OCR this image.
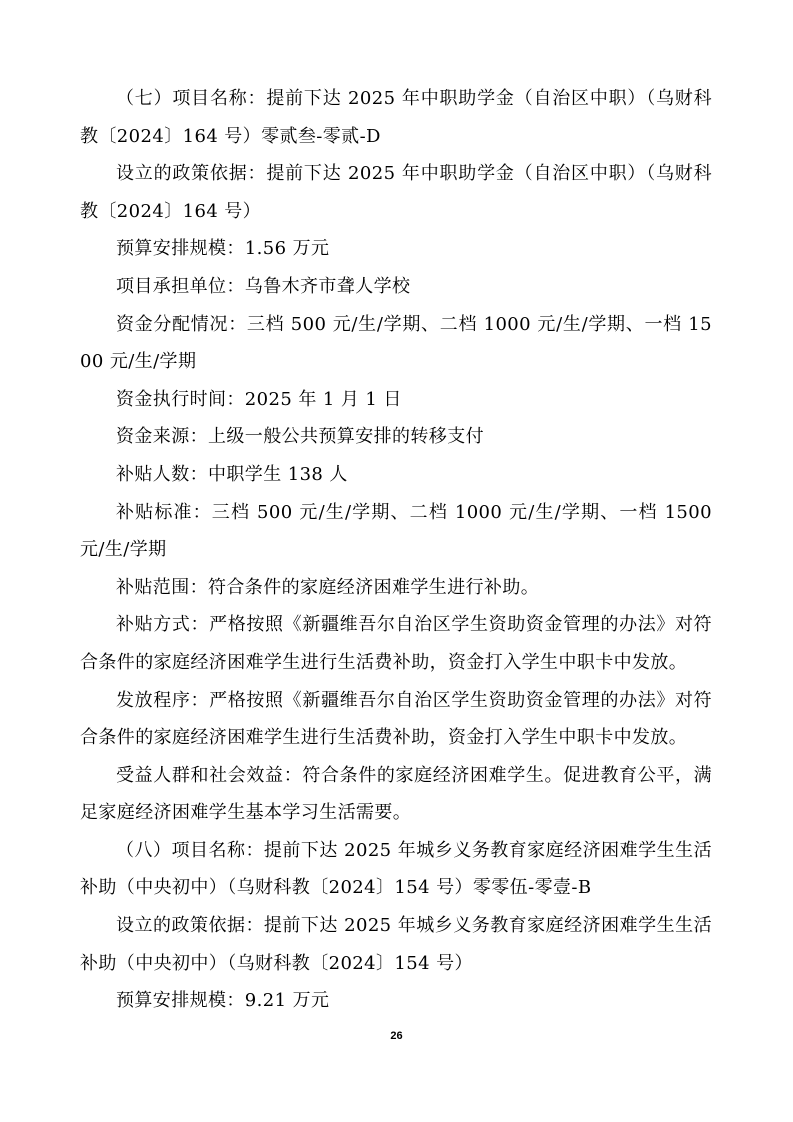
（七）项目名称：提前下达 2025 年中职助学金（自治区中职）（乌财科教〔2024〕164 号）零贰叁-零贰-D

设立的政策依据：提前下达 2025 年中职助学金（自治区中职）（乌财科教〔2024〕164 号）

预算安排规模：1.56 万元

项目承担单位：乌鲁木齐市聋人学校

资金分配情况：三档 500 元/生/学期、二档 1000 元/生/学期、一档 1500 元/生/学期

资金执行时间：2025 年 1 月 1 日

资金来源：上级一般公共预算安排的转移支付

补贴人数：中职学生 138 人

补贴标准：三档 500 元/生/学期、二档 1000 元/生/学期、一档 1500 元/生/学期

补贴范围：符合条件的家庭经济困难学生进行补助。

补贴方式：严格按照《新疆维吾尔自治区学生资助资金管理的办法》对符合条件的家庭经济困难学生进行生活费补助，资金打入学生中职卡中发放。

发放程序：严格按照《新疆维吾尔自治区学生资助资金管理的办法》对符合条件的家庭经济困难学生进行生活费补助，资金打入学生中职卡中发放。

受益人群和社会效益：符合条件的家庭经济困难学生。促进教育公平，满足家庭经济困难学生基本学习生活需要。

（八）项目名称：提前下达 2025 年城乡义务教育家庭经济困难学生生活补助（中央初中）（乌财科教〔2024〕154 号）零零伍-零壹-B

设立的政策依据：提前下达 2025 年城乡义务教育家庭经济困难学生生活补助（中央初中）（乌财科教〔2024〕154 号）

预算安排规模：9.21 万元

26
